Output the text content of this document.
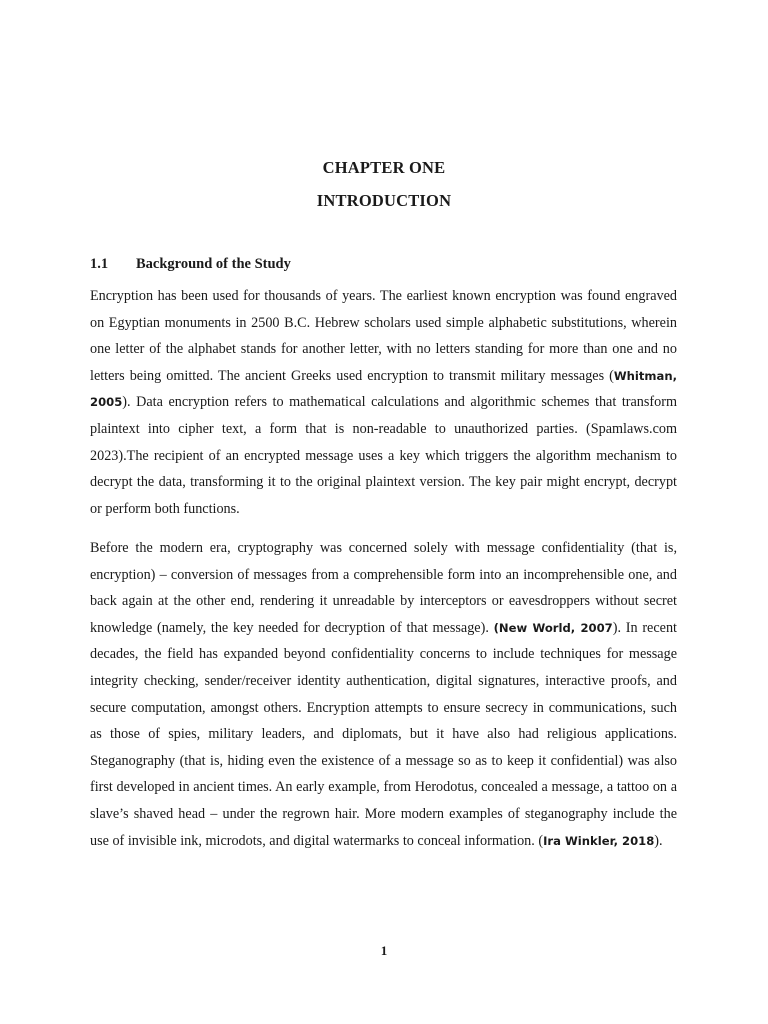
CHAPTER ONE
INTRODUCTION
1.1 Background of the Study

Encryption has been used for thousands of years. The earliest known encryption was found engraved on Egyptian monuments in 2500 B.C. Hebrew scholars used simple alphabetic substitutions, wherein one letter of the alphabet stands for another letter, with no letters standing for more than one and no letters being omitted. The ancient Greeks used encryption to transmit military messages (Whitman, 2005). Data encryption refers to mathematical calculations and algorithmic schemes that transform plaintext into cipher text, a form that is non-readable to unauthorized parties. (Spamlaws.com 2023).The recipient of an encrypted message uses a key which triggers the algorithm mechanism to decrypt the data, transforming it to the original plaintext version. The key pair might encrypt, decrypt or perform both functions.

Before the modern era, cryptography was concerned solely with message confidentiality (that is, encryption) – conversion of messages from a comprehensible form into an incomprehensible one, and back again at the other end, rendering it unreadable by interceptors or eavesdroppers without secret knowledge (namely, the key needed for decryption of that message). (New World, 2007). In recent decades, the field has expanded beyond confidentiality concerns to include techniques for message integrity checking, sender/receiver identity authentication, digital signatures, interactive proofs, and secure computation, amongst others. Encryption attempts to ensure secrecy in communications, such as those of spies, military leaders, and diplomats, but it have also had religious applications. Steganography (that is, hiding even the existence of a message so as to keep it confidential) was also first developed in ancient times. An early example, from Herodotus, concealed a message, a tattoo on a slave’s shaved head – under the regrown hair. More modern examples of steganography include the use of invisible ink, microdots, and digital watermarks to conceal information. (Ira Winkler, 2018).

1
